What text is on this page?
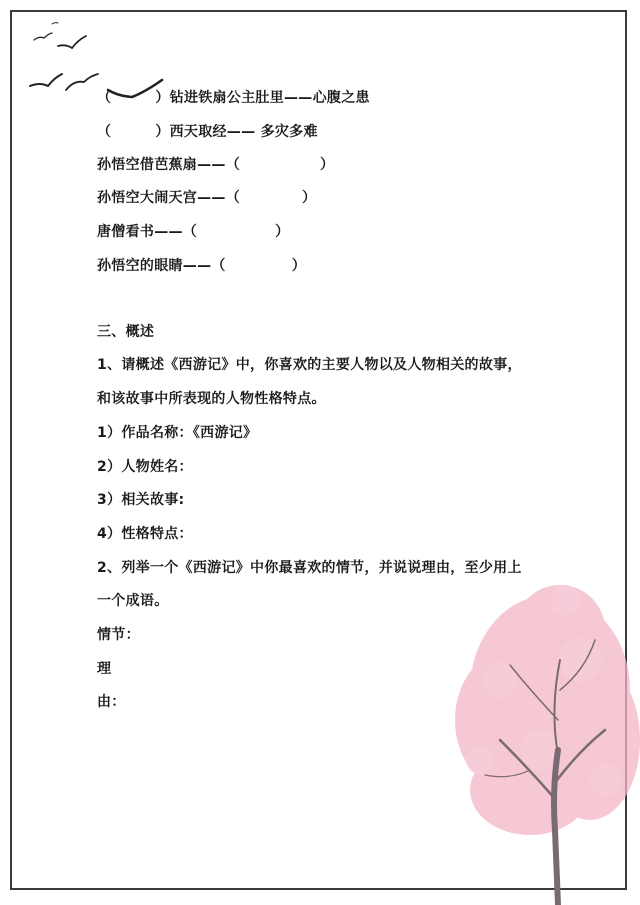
（	）钻进铁扇公主肚里——心腹之患
（	）西天取经—— 多灾多难
孙悟空借芭蕉扇——（	）
孙悟空大闹天宫——（	）
唐僧看书——（	）
孙悟空的眼睛——（	）
三、概述
1、请概述《西游记》中，你喜欢的主要人物以及人物相关的故事，
和该故事中所表现的人物性格特点。
1）作品名称：《西游记》
2）人物姓名：
3）相关故事:
4）性格特点：
2、列举一个《西游记》中你最喜欢的情节，并说说理由，至少用上
一个成语。
情节：
理
由：
